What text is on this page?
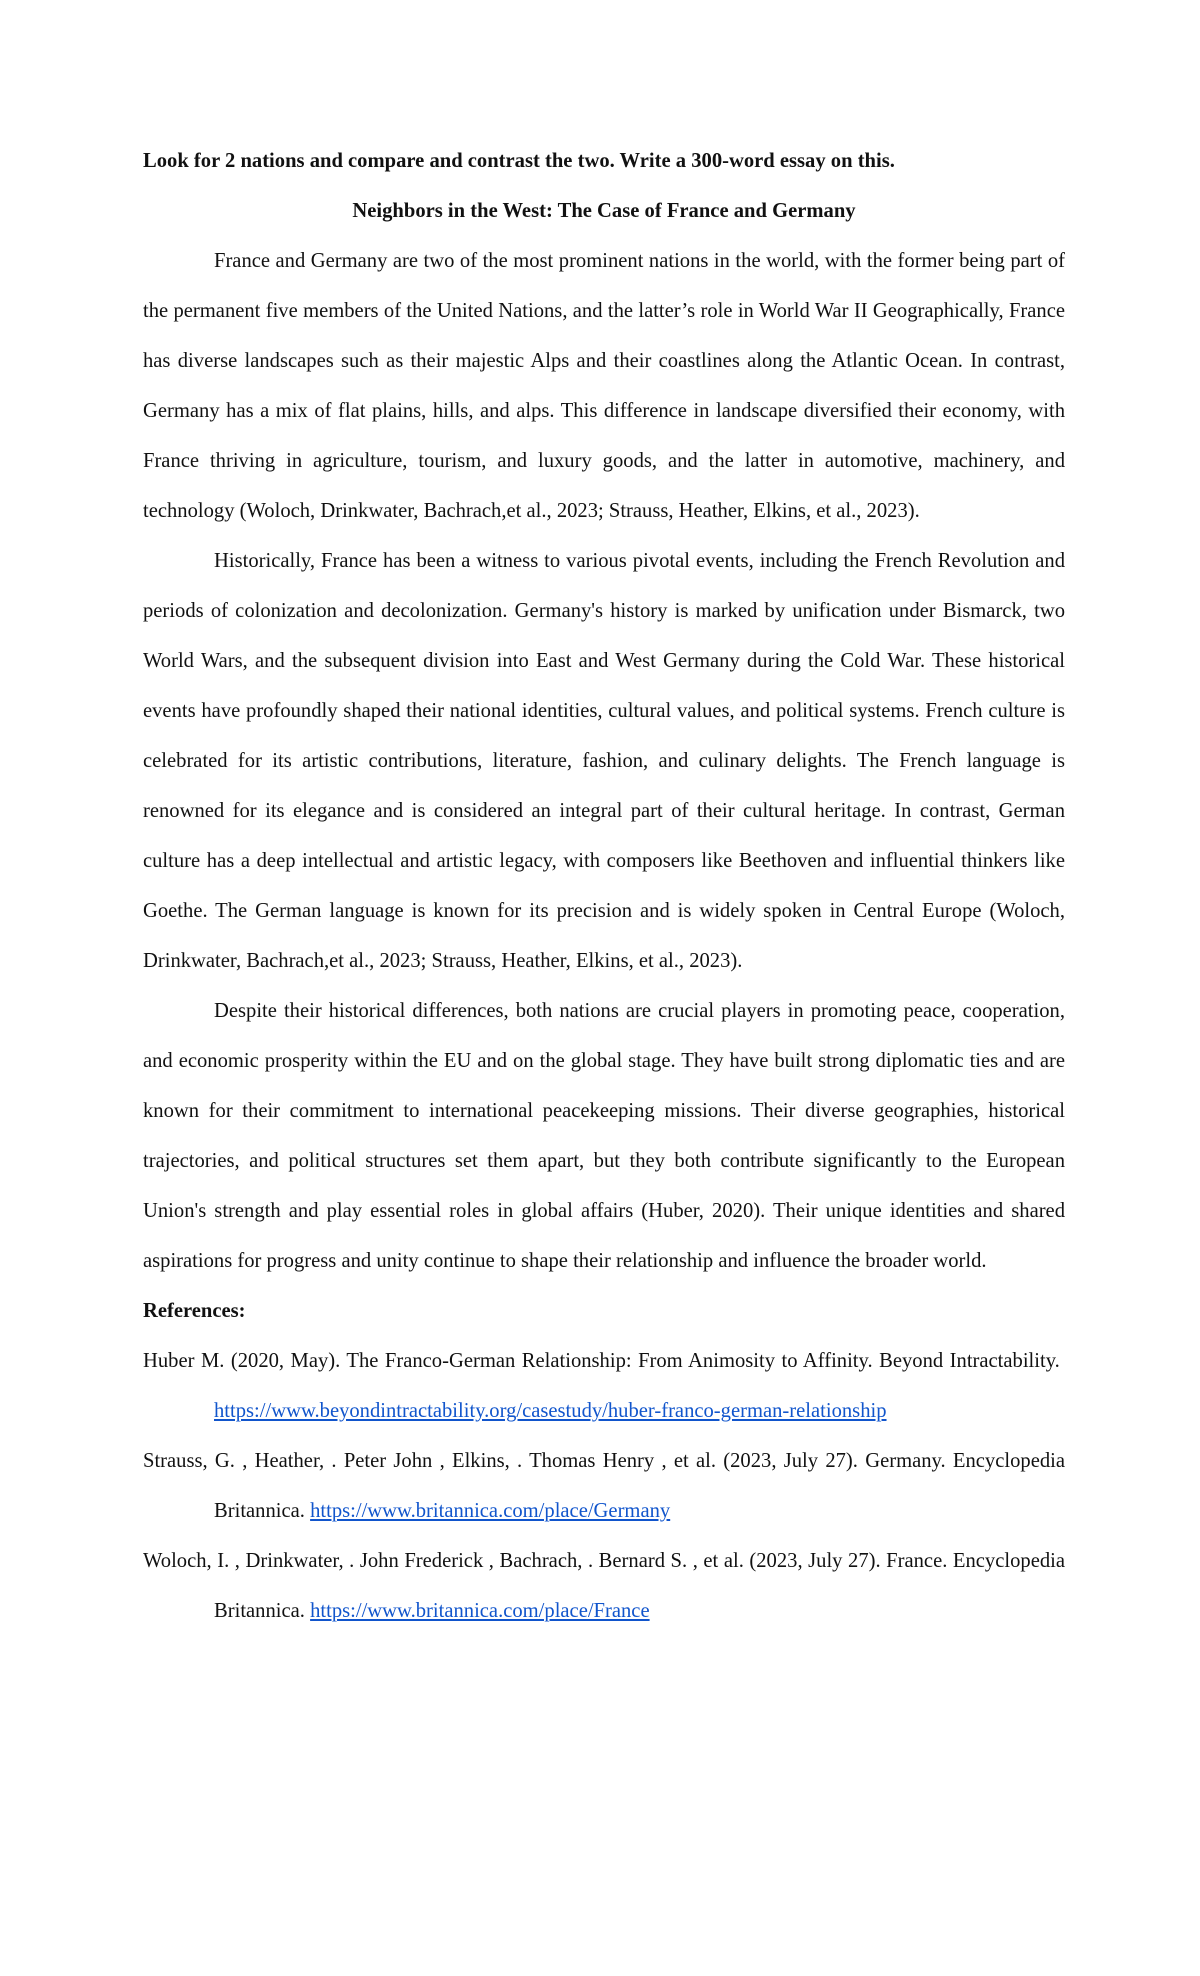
Look for 2 nations and compare and contrast the two. Write a 300-word essay on this.

Neighbors in the West: The Case of France and Germany

France and Germany are two of the most prominent nations in the world, with the former being part of the permanent five members of the United Nations, and the latter’s role in World War II Geographically, France has diverse landscapes such as their majestic Alps and their coastlines along the Atlantic Ocean. In contrast, Germany has a mix of flat plains, hills, and alps. This difference in landscape diversified their economy, with France thriving in agriculture, tourism, and luxury goods, and the latter in automotive, machinery, and technology (Woloch, Drinkwater, Bachrach,et al., 2023; Strauss, Heather, Elkins, et al., 2023).

Historically, France has been a witness to various pivotal events, including the French Revolution and periods of colonization and decolonization. Germany's history is marked by unification under Bismarck, two World Wars, and the subsequent division into East and West Germany during the Cold War. These historical events have profoundly shaped their national identities, cultural values, and political systems. French culture is celebrated for its artistic contributions, literature, fashion, and culinary delights. The French language is renowned for its elegance and is considered an integral part of their cultural heritage. In contrast, German culture has a deep intellectual and artistic legacy, with composers like Beethoven and influential thinkers like Goethe. The German language is known for its precision and is widely spoken in Central Europe (Woloch, Drinkwater, Bachrach,et al., 2023; Strauss, Heather, Elkins, et al., 2023).

Despite their historical differences, both nations are crucial players in promoting peace, cooperation, and economic prosperity within the EU and on the global stage. They have built strong diplomatic ties and are known for their commitment to international peacekeeping missions. Their diverse geographies, historical trajectories, and political structures set them apart, but they both contribute significantly to the European Union's strength and play essential roles in global affairs (Huber, 2020). Their unique identities and shared aspirations for progress and unity continue to shape their relationship and influence the broader world.

References:

Huber M. (2020, May). The Franco-German Relationship: From Animosity to Affinity. Beyond Intractability.  https://www.beyondintractability.org/casestudy/huber-franco-german-relationship

Strauss, G. , Heather, . Peter John , Elkins, . Thomas Henry , et al. (2023, July 27). Germany. Encyclopedia Britannica. https://www.britannica.com/place/Germany

Woloch, I. , Drinkwater, . John Frederick , Bachrach, . Bernard S. , et al. (2023, July 27). France. Encyclopedia Britannica. https://www.britannica.com/place/France
